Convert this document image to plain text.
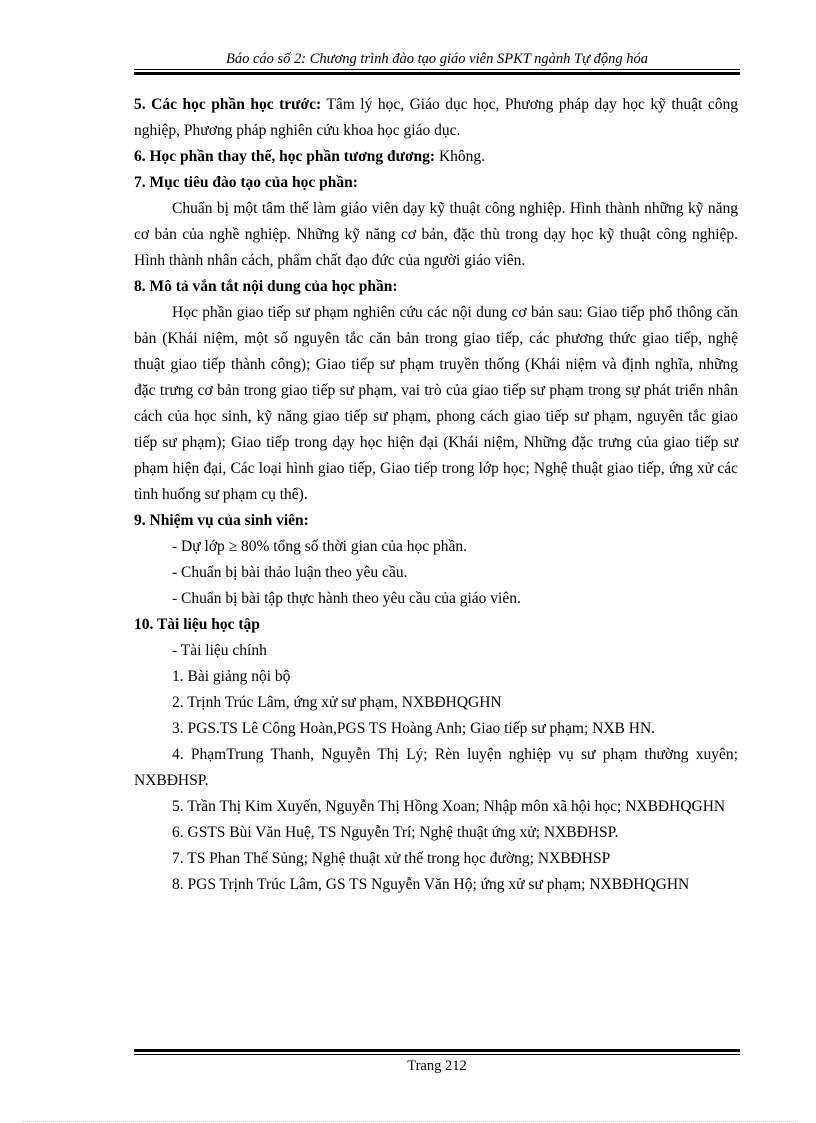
Báo cáo số 2: Chương trình đào tạo giáo viên SPKT ngành Tự động hóa

5. Các học phần học trước: Tâm lý học, Giáo dục học, Phương pháp dạy học kỹ thuật công nghiệp, Phương pháp nghiên cứu khoa học giáo dục.

6. Học phần thay thế, học phần tương đương: Không.

7. Mục tiêu đào tạo của học phần:

Chuẩn bị một tâm thế làm giáo viên dạy kỹ thuật công nghiệp. Hình thành những kỹ năng cơ bản của nghề nghiệp. Những kỹ năng cơ bản, đặc thù trong dạy học kỹ thuật công nghiệp. Hình thành nhân cách, phẩm chất đạo đức của người giáo viên.

8. Mô tả vắn tắt nội dung của học phần:

Học phần giao tiếp sư phạm nghiên cứu các nội dung cơ bản sau: Giao tiếp phổ thông căn bản (Khái niệm, một số nguyên tắc căn bản trong giao tiếp, các phương thức giao tiếp, nghệ thuật giao tiếp thành công); Giao tiếp sư phạm truyền thống (Khái niệm và định nghĩa, những đặc trưng cơ bản trong giao tiếp sư phạm, vai trò của giao tiếp sư phạm trong sự phát triển nhân cách của học sinh, kỹ năng giao tiếp sư phạm, phong cách giao tiếp sư phạm, nguyên tắc giao tiếp sư phạm); Giao tiếp trong dạy học hiện đại (Khái niệm, Những đặc trưng của giao tiếp sư phạm hiện đại, Các loại hình giao tiếp, Giao tiếp trong lớp học; Nghệ thuật giao tiếp, ứng xử các tình huống sư phạm cụ thể).

9. Nhiệm vụ của sinh viên:

- Dự lớp ≥ 80% tổng số thời gian của học phần.

- Chuẩn bị bài thảo luận theo yêu cầu.

- Chuẩn bị bài tập thực hành theo yêu cầu của giáo viên.

10. Tài liệu học tập

- Tài liệu chính

1. Bài giảng nội bộ

2. Trịnh Trúc Lâm, ứng xử sư phạm, NXBĐHQGHN

3. PGS.TS Lê Công Hoàn,PGS TS Hoàng Anh; Giao tiếp sư phạm; NXB HN.

4. PhạmTrung Thanh, Nguyễn Thị Lý; Rèn luyện nghiệp vụ sư phạm thường xuyên; NXBĐHSP.

5. Trần Thị Kim Xuyến, Nguyễn Thị Hồng Xoan; Nhập môn xã hội học; NXBĐHQGHN

6. GSTS Bùi Văn Huệ, TS Nguyễn Trí; Nghệ thuật ứng xử; NXBĐHSP.

7. TS Phan Thế Sủng; Nghệ thuật xử thế trong học đường; NXBĐHSP

8. PGS Trịnh Trúc Lâm, GS TS Nguyễn Văn Hộ; ứng xử sư phạm; NXBĐHQGHN

Trang 212
